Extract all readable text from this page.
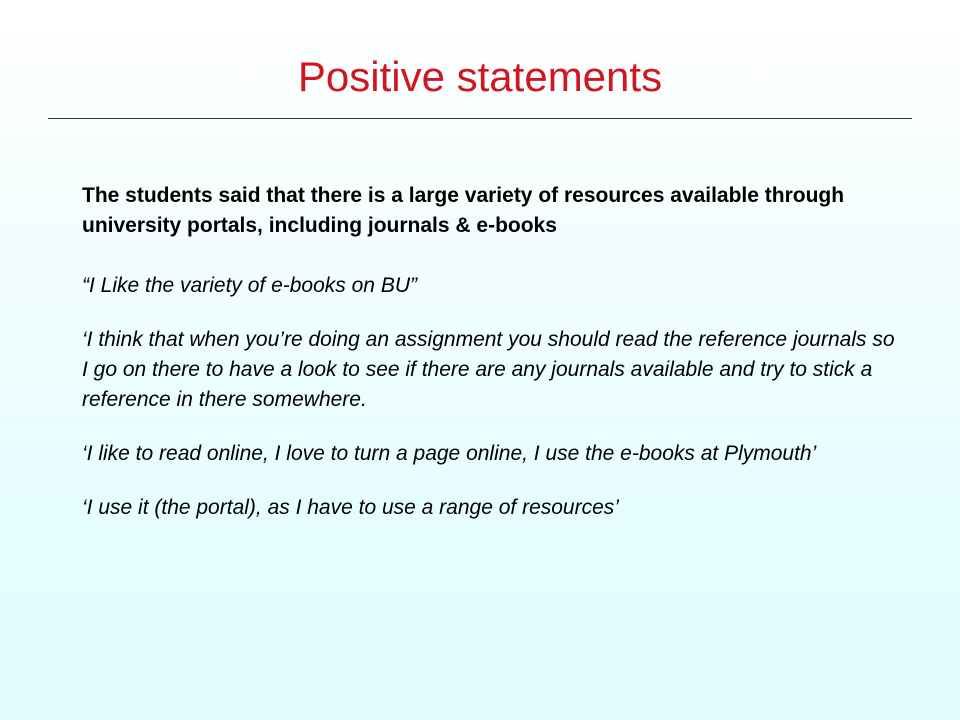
Positive statements

The students said that there is a large variety of resources available through university portals, including journals & e-books

“I Like the variety of e-books on BU”

‘I think that when you’re doing an assignment you should read the reference journals so I go on there to have a look to see if there are any journals available and try to stick a reference in there somewhere.

‘I like to read online, I love to turn a page online, I use the e-books at Plymouth’

‘I use it (the portal), as I have to use a range of resources’
